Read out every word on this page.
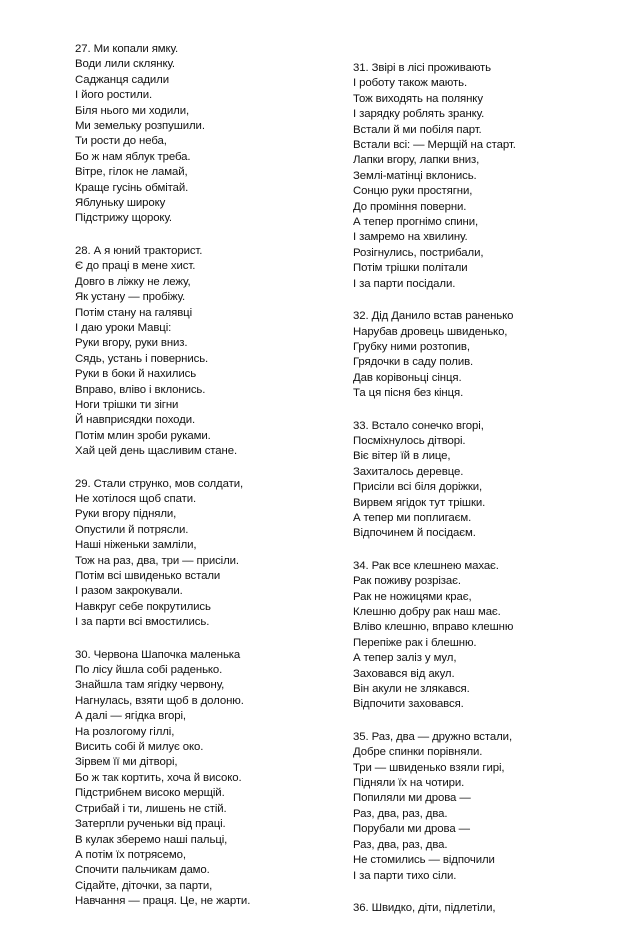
27. Ми копали ямку.
Води лили склянку.
Саджанця садили
І його ростили.
Біля нього ми ходили,
Ми земельку розпушили.
Ти рости до неба,
Бо ж нам яблук треба.
Вітре, гілок не ламай,
Краще гусінь обмітай.
Яблуньку широку
Підстрижу щороку.
28. А я юний тракторист.
Є до праці в мене хист.
Довго в ліжку не лежу,
Як устану — пробіжу.
Потім стану на галявці
І даю уроки Мавці:
Руки вгору, руки вниз.
Сядь, устань і повернись.
Руки в боки й нахились
Вправо, вліво і вклонись.
Ноги трішки ти зігни
Й навприсядки походи.
Потім млин зроби руками.
Хай цей день щасливим стане.
29. Стали струнко, мов солдати,
Не хотілося щоб спати.
Руки вгору підняли,
Опустили й потрясли.
Наші ніженьки замліли,
Тож на раз, два, три — присіли.
Потім всі швиденько встали
І разом закрокували.
Навкруг себе покрутились
І за парти всі вмостились.
30. Червона Шапочка маленька
По лісу йшла собі раденько.
Знайшла там ягідку червону,
Нагнулась, взяти щоб в долоню.
А далі — ягідка вгорі,
На розлогому гіллі,
Висить собі й милує око.
Зірвем її ми дітворі,
Бо ж так кортить, хоча й високо.
Підстрибнем високо мерщій.
Стрибай і ти, лишень не стій.
Затерпли рученьки від праці.
В кулак зберемо наші пальці,
А потім їх потрясемо,
Спочити пальчикам дамо.
Сідайте, діточки, за парти,
Навчання — праця. Це, не жарти.
31. Звірі в лісі проживають
І роботу також мають.
Тож виходять на полянку
І зарядку роблять зранку.
Встали й ми побіля парт.
Встали всі: — Мерщій на старт.
Лапки вгору, лапки вниз,
Землі-матінці вклонись.
Сонцю руки простягни,
До проміння поверни.
А тепер прогнімо спини,
І замремо на хвилину.
Розігнулись, пострибали,
Потім трішки політали
І за парти посідали.
32. Дід Данило встав раненько
Нарубав дровець швиденько,
Грубку ними розтопив,
Грядочки в саду полив.
Дав корівоньці сінця.
Та ця пісня без кінця.
33. Встало сонечко вгорі,
Посміхнулось дітворі.
Віє вітер їй в лице,
Захиталось деревце.
Присіли всі біля доріжки,
Вирвем ягідок тут трішки.
А тепер ми поплигаєм.
Відпочинем й посідаєм.
34. Рак все клешнею махає.
Рак поживу розрізає.
Рак не ножицями крає,
Клешню добру рак наш має.
Вліво клешню, вправо клешню
Перепіже рак і блешню.
А тепер заліз у мул,
Заховався від акул.
Він акули не злякався.
Відпочити заховався.
35. Раз, два — дружно встали,
Добре спинки порівняли.
Три — швиденько взяли гирі,
Підняли їх на чотири.
Попиляли ми дрова —
Раз, два, раз, два.
Порубали ми дрова —
Раз, два, раз, два.
Не стомились — відпочили
І за парти тихо сіли.
36. Швидко, діти, підлетіли,
